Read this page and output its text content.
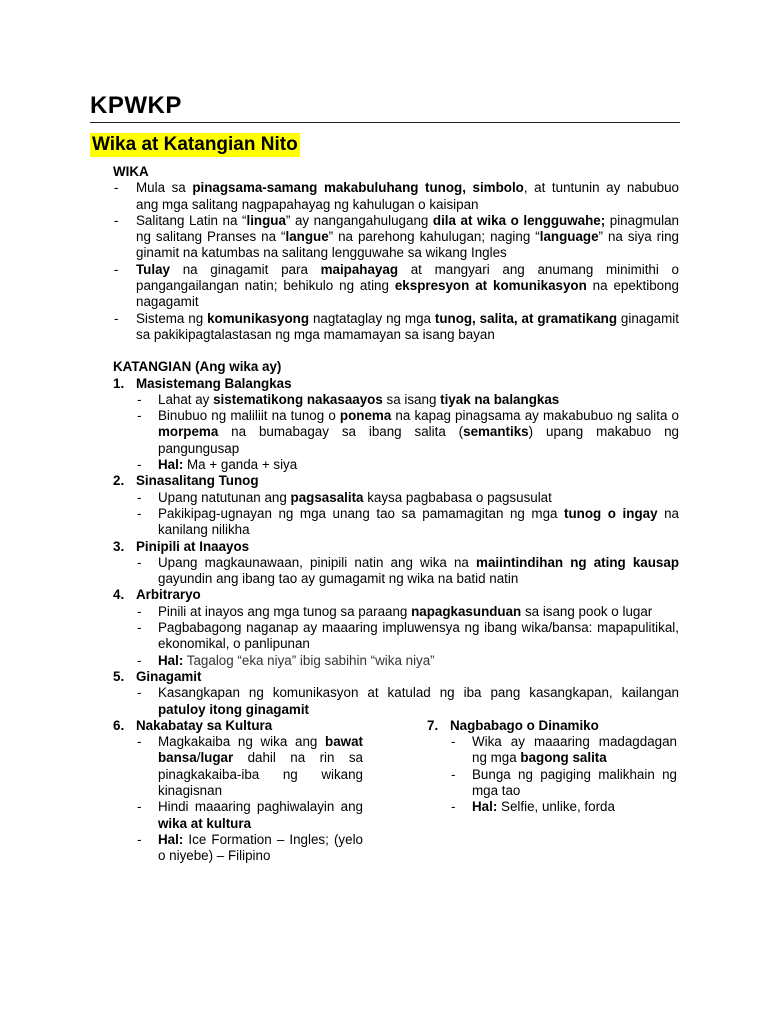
KPWKP
Wika at Katangian Nito
WIKA
- Mula sa pinagsama-samang makabuluhang tunog, simbolo, at tuntunin ay nabubuo ang mga salitang nagpapahayag ng kahulugan o kaisipan
- Salitang Latin na “lingua” ay nangangahulugang dila at wika o lengguwahe; pinagmulan ng salitang Pranses na “langue” na parehong kahulugan; naging “language” na siya ring ginamit na katumbas na salitang lengguwahe sa wikang Ingles
- Tulay na ginagamit para maipahayag at mangyari ang anumang minimithi o pangangailangan natin; behikulo ng ating ekspresyon at komunikasyon na epektibong nagagamit
- Sistema ng komunikasyong nagtataglay ng mga tunog, salita, at gramatikang ginagamit sa pakikipagtalastasan ng mga mamamayan sa isang bayan
KATANGIAN (Ang wika ay)
1. Masistemang Balangkas
- Lahat ay sistematikong nakasaayos sa isang tiyak na balangkas
- Binubuo ng maliliit na tunog o ponema na kapag pinagsama ay makabubuo ng salita o morpema na bumabagay sa ibang salita (semantiks) upang makabuo ng pangungusap
- Hal: Ma + ganda + siya
2. Sinasalitang Tunog
- Upang natutunan ang pagsasalita kaysa pagbabasa o pagsusulat
- Pakikipag-ugnayan ng mga unang tao sa pamamagitan ng mga tunog o ingay na kanilang nilikha
3. Pinipili at Inaayos
- Upang magkaunawaan, pinipili natin ang wika na maiintindihan ng ating kausap gayundin ang ibang tao ay gumagamit ng wika na batid natin
4. Arbitraryo
- Pinili at inayos ang mga tunog sa paraang napagkasunduan sa isang pook o lugar
- Pagbabagong naganap ay maaaring impluwensya ng ibang wika/bansa: mapapulitikal, ekonomikal, o panlipunan
- Hal: Tagalog “eka niya” ibig sabihin “wika niya”
5. Ginagamit
- Kasangkapan ng komunikasyon at katulad ng iba pang kasangkapan, kailangan patuloy itong ginagamit
6. Nakabatay sa Kultura
- Magkakaiba ng wika ang bawat bansa/lugar dahil na rin sa pinagkakaiba-iba ng wikang kinagisnan
- Hindi maaaring paghiwalayin ang wika at kultura
- Hal: Ice Formation – Ingles; (yelo o niyebe) – Filipino
7. Nagbabago o Dinamiko
- Wika ay maaaring madagdagan ng mga bagong salita
- Bunga ng pagiging malikhain ng mga tao
- Hal: Selfie, unlike, forda
